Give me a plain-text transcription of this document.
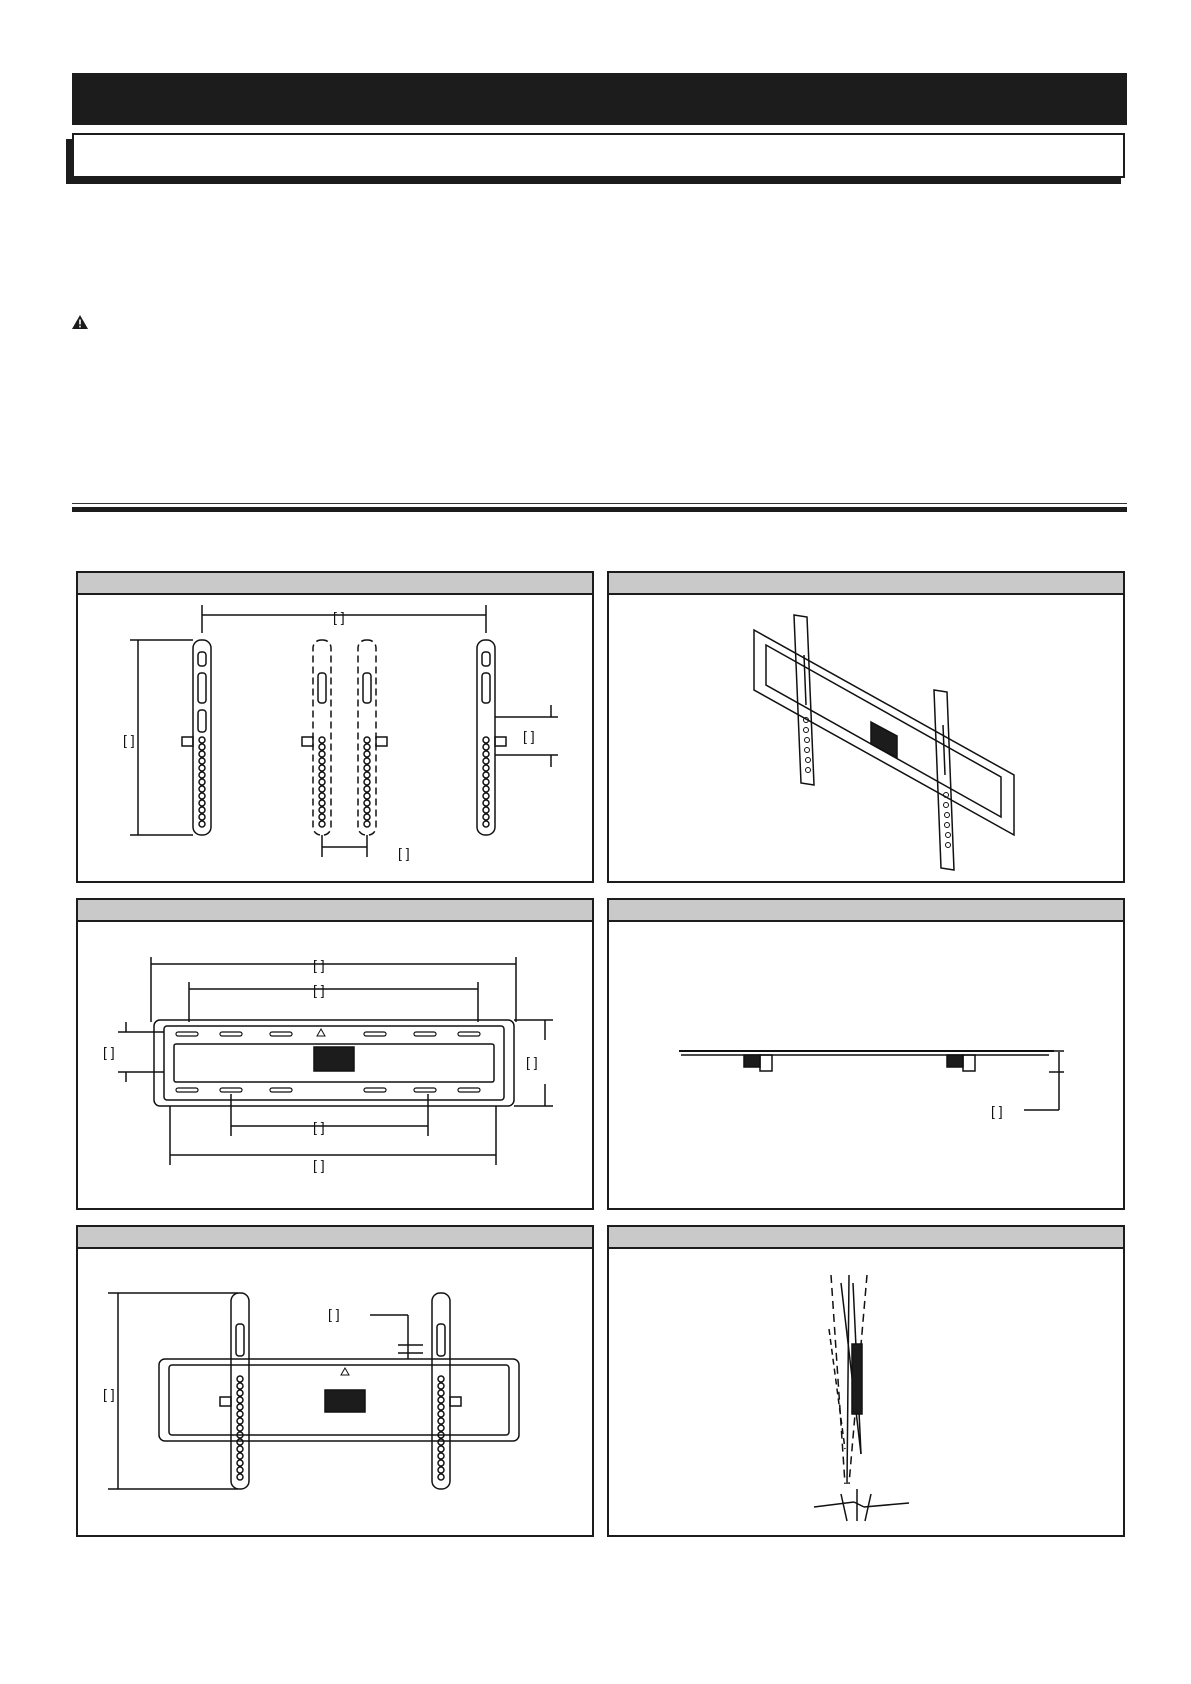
[ ]
[ ]
[ ]
[ ]
[ ]
[ ]
[ ]
[ ]
[ ]
[ ]
[ ]
[ ]
[ ]
